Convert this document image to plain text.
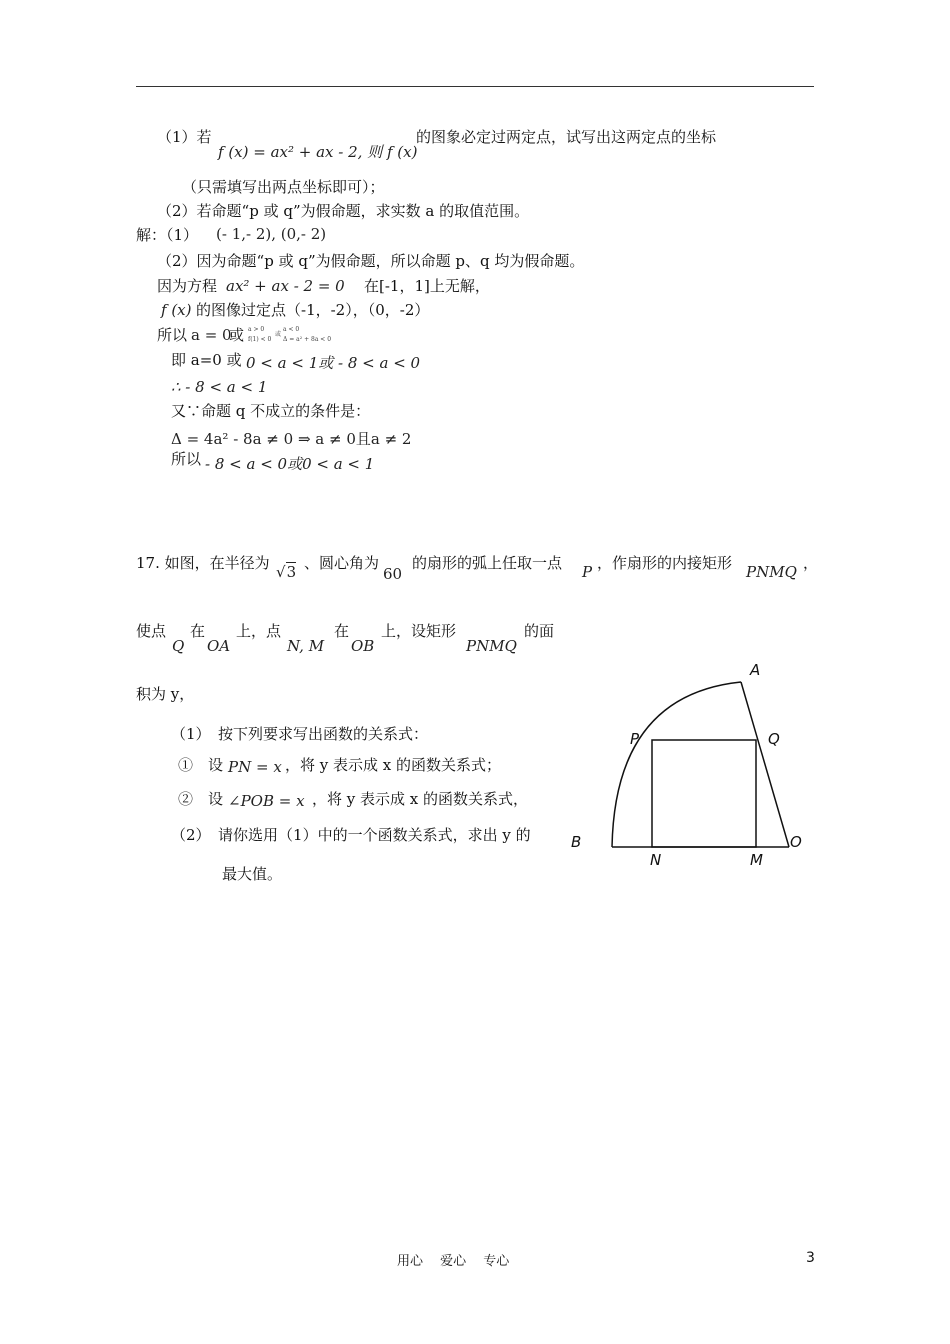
（1）若
f (x) = ax² + ax - 2, 则 f (x)
的图象必定过两定点，试写出这两定点的坐标
（只需填写出两点坐标即可）；
（2）若命题“p 或 q”为假命题，求实数 a 的取值范围。
解：（1） (- 1,- 2), (0,- 2)
（2）因为命题“p 或 q”为假命题，所以命题 p、q 均为假命题。
因为方程 ax² + ax - 2 = 0 在[-1，1]上无解，
f (x) 的图像过定点（-1，-2），（0，-2）
所以 a = 0
或 a > 0
f(1) < 0
或
a < 0
Δ = a² + 8a < 0
即 a=0 或 0 < a < 1或 - 8 < a < 0
∴ - 8 < a < 1
又∵命题 q 不成立的条件是：
Δ = 4a² - 8a ≠ 0 ⇒ a ≠ 0且a ≠ 2
所以 - 8 < a < 0或0 < a < 1
17. 如图，在半径为 √3 、圆心角为
60
的扇形的弧上任取一点 P ，作扇形的内接矩形 PNMQ ，
使点
Q
在
OA
上，点
N, M
在
OB
上，设矩形
PNMQ
的面
积为 y，
（1）　按下列要求写出函数的关系式：
①　设 PN = x ，将 y 表示成 x 的函数关系式；
②　设 ∠POB = x ，将 y 表示成 x 的函数关系式，
（2）　请你选用（1）中的一个函数关系式，求出 y 的
最大值。
A
P	Q
B
N	M
O
用心　 爱心　 专心	3
